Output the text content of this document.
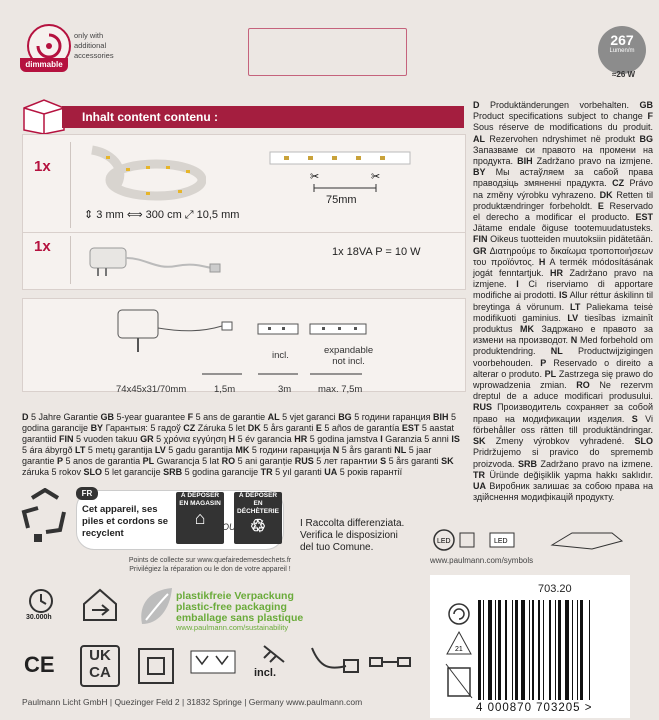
dimmable
only with
additional
accessories
267
Lumen/m
≈26 W
Inhalt content contenu :
1x
⇕ 3 mm ⟺ 300 cm ⤢ 10,5 mm
✂	✂
75mm
1x	1x 18VA P = 10 W
expandable
not incl.
incl.
74x45x31/70mm	1,5m	3m	max. 7,5m
D Produktänderungen vorbehalten. GB Product specifications subject to change F Sous réserve de modifications du produit. AL Rezervohen ndryshimet në produkt BG Запазваме си правото на промени на продукта. BIH Zadržano pravo na izmjene. BY Мы астаўляем за сабой права праводзіць змяненні прадукта. CZ Právo na změny výrobku vyhrazeno. DK Retten til produktændringer forbeholdt. E Reservado el derecho a modificar el producto. EST Jätame endale õiguse tootemuudatusteks. FIN Oikeus tuotteiden muutoksiin pidätetään. GR Διατηρούμε το δικαίωμα τροποποιήσεων του προϊόντος. H A termék módosításának jogát fenntartjuk. HR Zadržano pravo na izmjene. I Ci riserviamo di apportare modifiche ai prodotti. IS Allur réttur áskilinn til breytinga á vörunum. LT Paliekama teisė modifikuoti gaminius. LV tiesības izmainīt produktus MK Задржано е правото за измени на производот. N Med forbehold om produktendring. NL Productwijzigingen voorbehouden. P Reservado o direito a alterar o produto. PL Zastrzega się prawo do wprowadzenia zmian. RO Ne rezervm dreptul de a aduce modificari produsului. RUS Производитель сохраняет за собой право на модификации изделия. S Vi förbehåller oss rätten till produktändringar. SK Zmeny výrobkov vyhradené. SLO Pridržujemo si pravico do sprememb proizvoda. SRB Zadržano pravo na izmene. TR Üründe değişiklik yapma hakkı saklıdır. UA Виробник залишає за собою права на здійснення модифікацій продукту.
D 5 Jahre Garantie GB 5-year guarantee F 5 ans de garantie AL 5 vjet garanci BG 5 години гаранция BIH 5 godina garancije BY Гарантыя: 5 гадоў CZ Záruka 5 let DK 5 års garanti E 5 años de garantía EST 5 aastat garantiid FIN 5 vuoden takuu GR 5 χρόνια εγγύηση H 5 év garancia HR 5 godina jamstva I Garanzia 5 anni IS 5 ára ábyrgð LT 5 metų garantija LV 5 gadu garantija MK 5 години гаранција N 5 års garanti NL 5 jaar garantie P 5 anos de garantia PL Gwarancja 5 lat RO 5 ani garanție RUS 5 лет гарантии S 5 års garanti SK záruka 5 rokov SLO 5 let garancije SRB 5 godina garancije TR 5 yıl garanti UA 5 років гарантії
FR
Cet appareil, ses piles et cordons se recyclent
À DÉPOSER EN MAGASIN
⌂
À DÉPOSER EN DÉCHÈTERIE
♲
OU
Points de collecte sur www.quefairedemesdechets.fr
Privilégiez la réparation ou le don de votre appareil !
I Raccolta differenziata.
Verifica le disposizioni
del tuo Comune.
LED	LED
www.paulmann.com/symbols
30.000h
plastikfreie Verpackung
plastic-free packaging
emballage sans plastique
www.paulmann.com/sustainability
CE	UK
CA	incl.
Paulmann Licht GmbH | Quezinger Feld 2 | 31832 Springe | Germany www.paulmann.com
703.20
21
4 000870 703205 >
